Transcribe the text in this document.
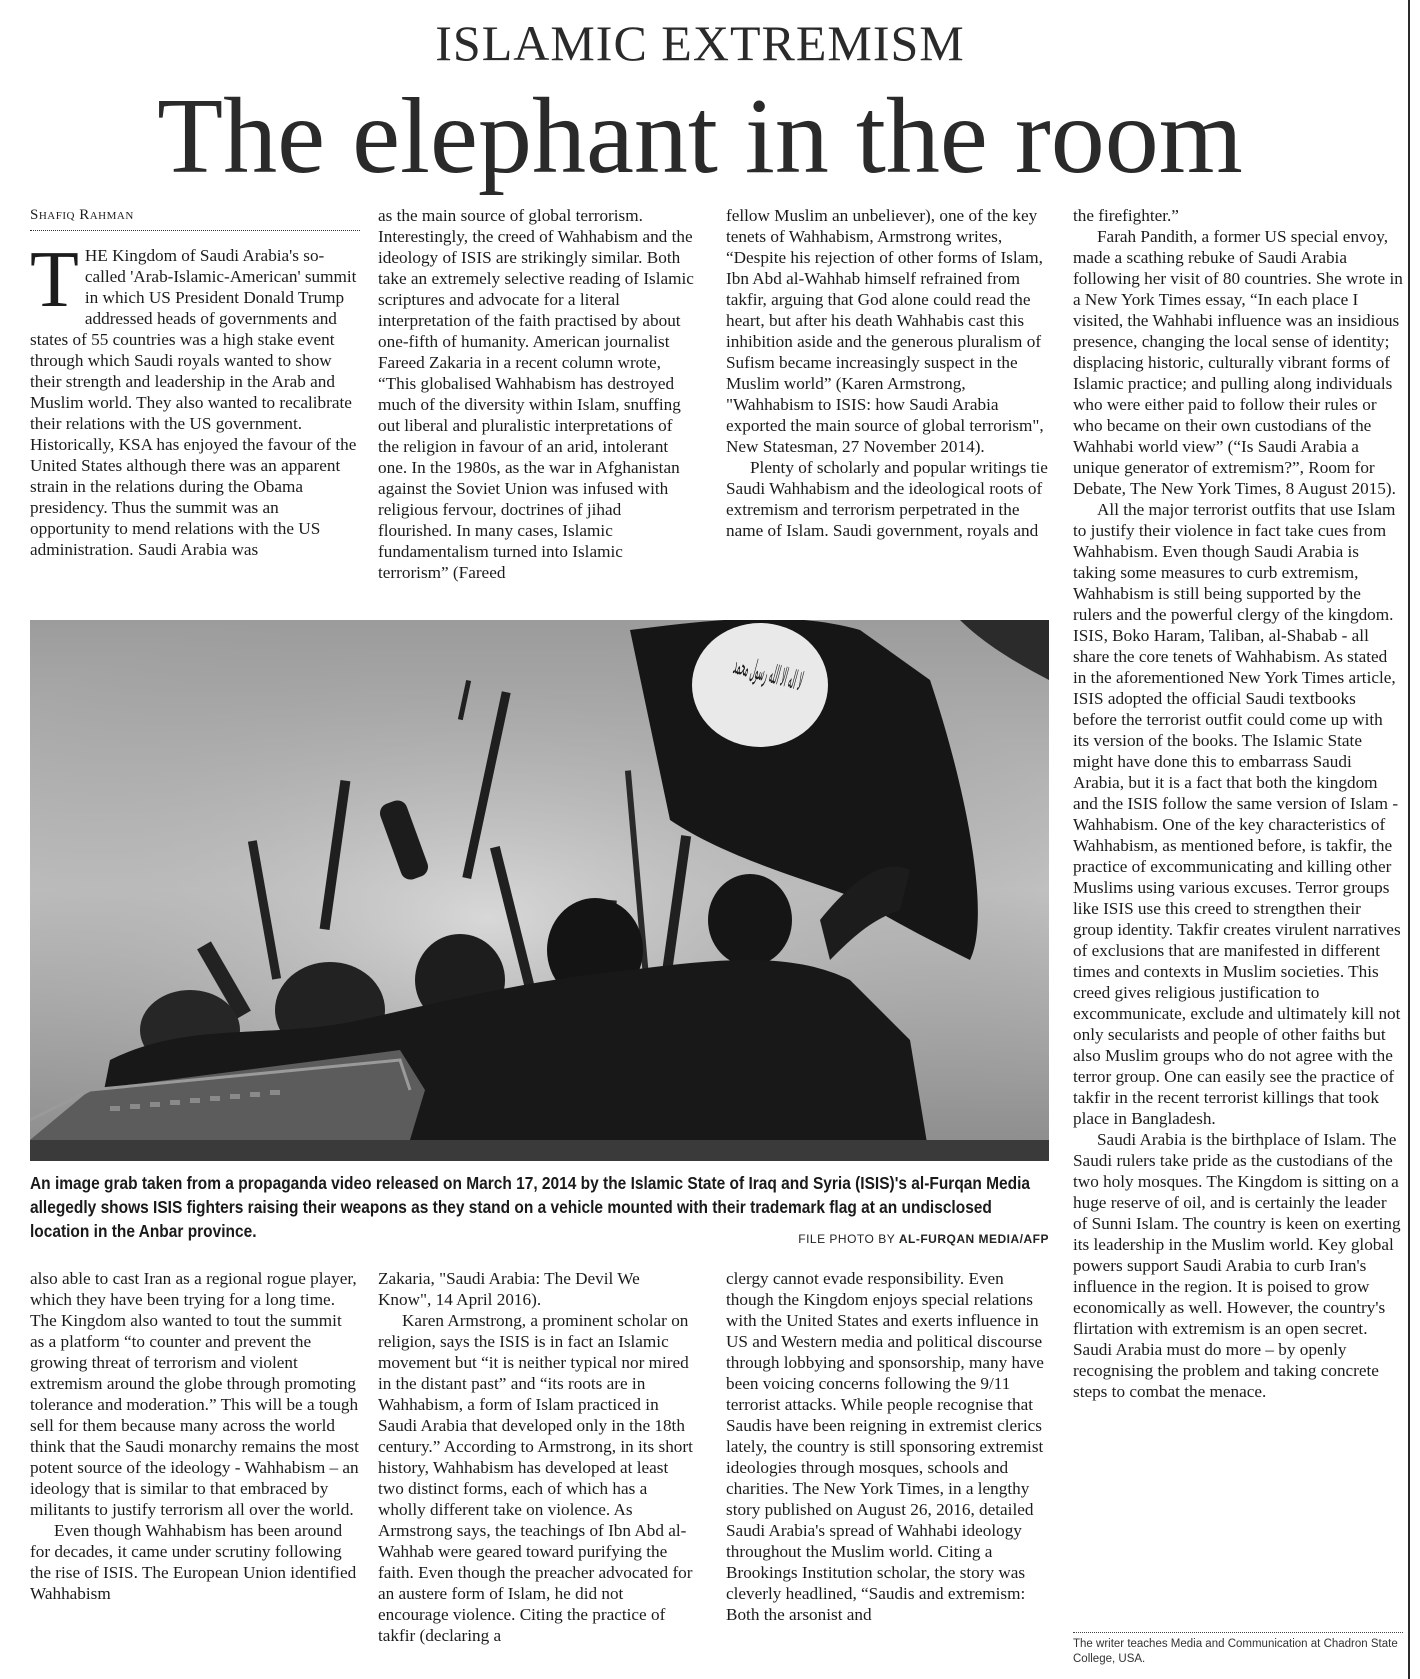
ISLAMIC EXTREMISM
The elephant in the room
Shafiq Rahman

THE Kingdom of Saudi Arabia's so-called 'Arab-Islamic-American' summit in which US President Donald Trump addressed heads of governments and states of 55 countries was a high stake event through which Saudi royals wanted to show their strength and leadership in the Arab and Muslim world. They also wanted to recalibrate their relations with the US government. Historically, KSA has enjoyed the favour of the United States although there was an apparent strain in the relations during the Obama presidency. Thus the summit was an opportunity to mend relations with the US administration. Saudi Arabia was

as the main source of global terrorism. Interestingly, the creed of Wahhabism and the ideology of ISIS are strikingly similar. Both take an extremely selective reading of Islamic scriptures and advocate for a literal interpretation of the faith practised by about one-fifth of humanity. American journalist Fareed Zakaria in a recent column wrote, “This globalised Wahhabism has destroyed much of the diversity within Islam, snuffing out liberal and pluralistic interpretations of the religion in favour of an arid, intolerant one. In the 1980s, as the war in Afghanistan against the Soviet Union was infused with religious fervour, doctrines of jihad flourished. In many cases, Islamic fundamentalism turned into Islamic terrorism” (Fareed

fellow Muslim an unbeliever), one of the key tenets of Wahhabism, Armstrong writes, “Despite his rejection of other forms of Islam, Ibn Abd al-Wahhab himself refrained from takfir, arguing that God alone could read the heart, but after his death Wahhabis cast this inhibition aside and the generous pluralism of Sufism became increasingly suspect in the Muslim world” (Karen Armstrong, "Wahhabism to ISIS: how Saudi Arabia exported the main source of global terrorism", New Statesman, 27 November 2014).

Plenty of scholarly and popular writings tie Saudi Wahhabism and the ideological roots of extremism and terrorism perpetrated in the name of Islam. Saudi government, royals and

the firefighter.”

Farah Pandith, a former US special envoy, made a scathing rebuke of Saudi Arabia following her visit of 80 countries. She wrote in a New York Times essay, “In each place I visited, the Wahhabi influence was an insidious presence, changing the local sense of identity; displacing historic, culturally vibrant forms of Islamic practice; and pulling along individuals who were either paid to follow their rules or who became on their own custodians of the Wahhabi world view” (“Is Saudi Arabia a unique generator of extremism?”, Room for Debate, The New York Times, 8 August 2015).

All the major terrorist outfits that use Islam to justify their violence in fact take cues from Wahhabism. Even though Saudi Arabia is taking some measures to curb extremism, Wahhabism is still being supported by the rulers and the powerful clergy of the kingdom. ISIS, Boko Haram, Taliban, al-Shabab - all share the core tenets of Wahhabism. As stated in the aforementioned New York Times article, ISIS adopted the official Saudi textbooks before the terrorist outfit could come up with its version of the books. The Islamic State might have done this to embarrass Saudi Arabia, but it is a fact that both the kingdom and the ISIS follow the same version of Islam - Wahhabism. One of the key characteristics of Wahhabism, as mentioned before, is takfir, the practice of excommunicating and killing other Muslims using various excuses. Terror groups like ISIS use this creed to strengthen their group identity. Takfir creates virulent narratives of exclusions that are manifested in different times and contexts in Muslim societies. This creed gives religious justification to excommunicate, exclude and ultimately kill not only secularists and people of other faiths but also Muslim groups who do not agree with the terror group. One can easily see the practice of takfir in the recent terrorist killings that took place in Bangladesh.

Saudi Arabia is the birthplace of Islam. The Saudi rulers take pride as the custodians of the two holy mosques. The Kingdom is sitting on a huge reserve of oil, and is certainly the leader of Sunni Islam. The country is keen on exerting its leadership in the Muslim world. Key global powers support Saudi Arabia to curb Iran's influence in the region. It is poised to grow economically as well. However, the country's flirtation with extremism is an open secret. Saudi Arabia must do more – by openly recognising the problem and taking concrete steps to combat the menace.

An image grab taken from a propaganda video released on March 17, 2014 by the Islamic State of Iraq and Syria (ISIS)'s al-Furqan Media allegedly shows ISIS fighters raising their weapons as they stand on a vehicle mounted with their trademark flag at an undisclosed location in the Anbar province.	FILE PHOTO BY AL-FURQAN MEDIA/AFP

also able to cast Iran as a regional rogue player, which they have been trying for a long time. The Kingdom also wanted to tout the summit as a platform “to counter and prevent the growing threat of terrorism and violent extremism around the globe through promoting tolerance and moderation.” This will be a tough sell for them because many across the world think that the Saudi monarchy remains the most potent source of the ideology - Wahhabism – an ideology that is similar to that embraced by militants to justify terrorism all over the world.

Even though Wahhabism has been around for decades, it came under scrutiny following the rise of ISIS. The European Union identified Wahhabism

Zakaria, "Saudi Arabia: The Devil We Know", 14 April 2016).

Karen Armstrong, a prominent scholar on religion, says the ISIS is in fact an Islamic movement but “it is neither typical nor mired in the distant past” and “its roots are in Wahhabism, a form of Islam practiced in Saudi Arabia that developed only in the 18th century.” According to Armstrong, in its short history, Wahhabism has developed at least two distinct forms, each of which has a wholly different take on violence. As Armstrong says, the teachings of Ibn Abd al-Wahhab were geared toward purifying the faith. Even though the preacher advocated for an austere form of Islam, he did not encourage violence. Citing the practice of takfir (declaring a

clergy cannot evade responsibility. Even though the Kingdom enjoys special relations with the United States and exerts influence in US and Western media and political discourse through lobbying and sponsorship, many have been voicing concerns following the 9/11 terrorist attacks. While people recognise that Saudis have been reigning in extremist clerics lately, the country is still sponsoring extremist ideologies through mosques, schools and charities. The New York Times, in a lengthy story published on August 26, 2016, detailed Saudi Arabia's spread of Wahhabi ideology throughout the Muslim world. Citing a Brookings Institution scholar, the story was cleverly headlined, “Saudis and extremism: Both the arsonist and

The writer teaches Media and Communication at Chadron State College, USA.
